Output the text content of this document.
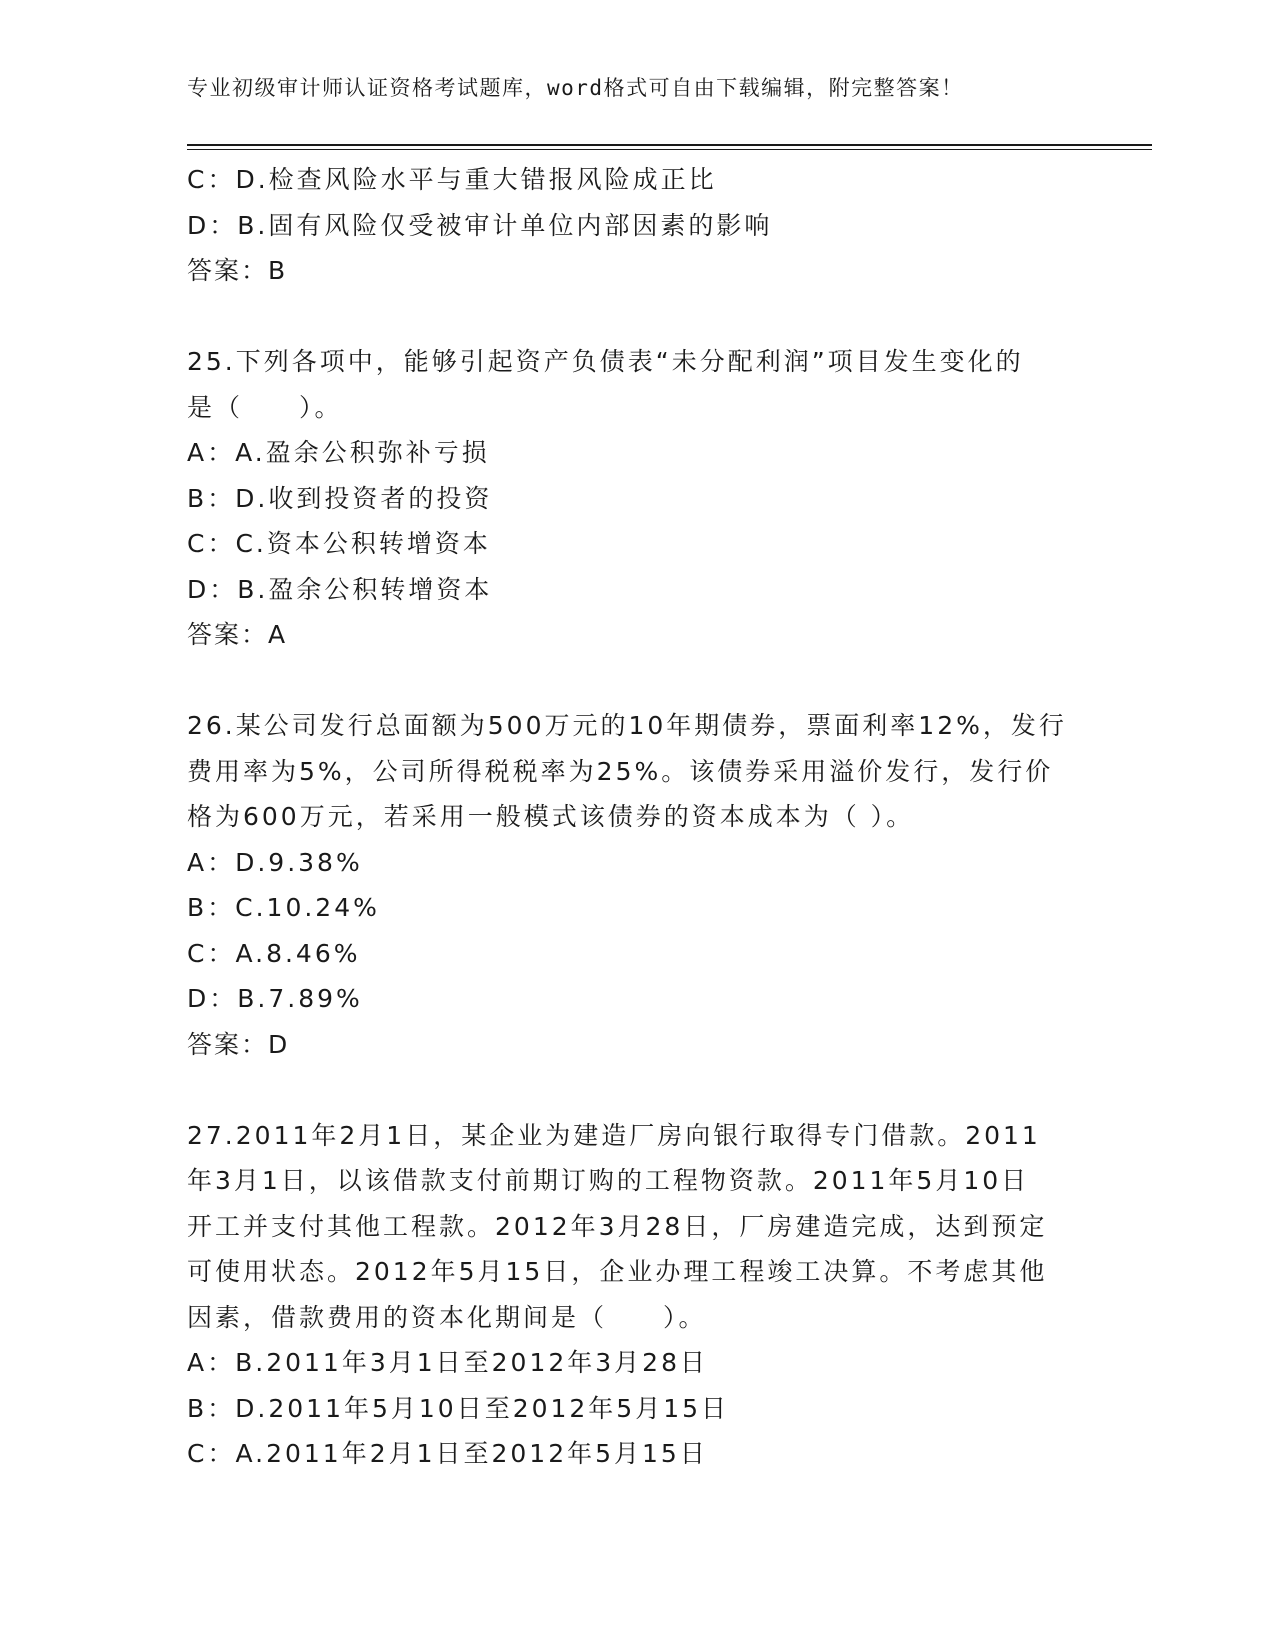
专业初级审计师认证资格考试题库，word格式可自由下载编辑，附完整答案！
C：D.检查风险水平与重大错报风险成正比
D：B.固有风险仅受被审计单位内部因素的影响
答案：B
25.下列各项中，能够引起资产负债表“未分配利润”项目发生变化的
是（　　）。
A：A.盈余公积弥补亏损
B：D.收到投资者的投资
C：C.资本公积转增资本
D：B.盈余公积转增资本
答案：A
26.某公司发行总面额为500万元的10年期债券，票面利率12%，发行
费用率为5%，公司所得税税率为25%。该债券采用溢价发行，发行价
格为600万元，若采用一般模式该债券的资本成本为（ ）。
A：D.9.38%
B：C.10.24%
C：A.8.46%
D：B.7.89%
答案：D
27.2011年2月1日，某企业为建造厂房向银行取得专门借款。2011
年3月1日，以该借款支付前期订购的工程物资款。2011年5月10日
开工并支付其他工程款。2012年3月28日，厂房建造完成，达到预定
可使用状态。2012年5月15日，企业办理工程竣工决算。不考虑其他
因素，借款费用的资本化期间是（　　）。
A：B.2011年3月1日至2012年3月28日
B：D.2011年5月10日至2012年5月15日
C：A.2011年2月1日至2012年5月15日
